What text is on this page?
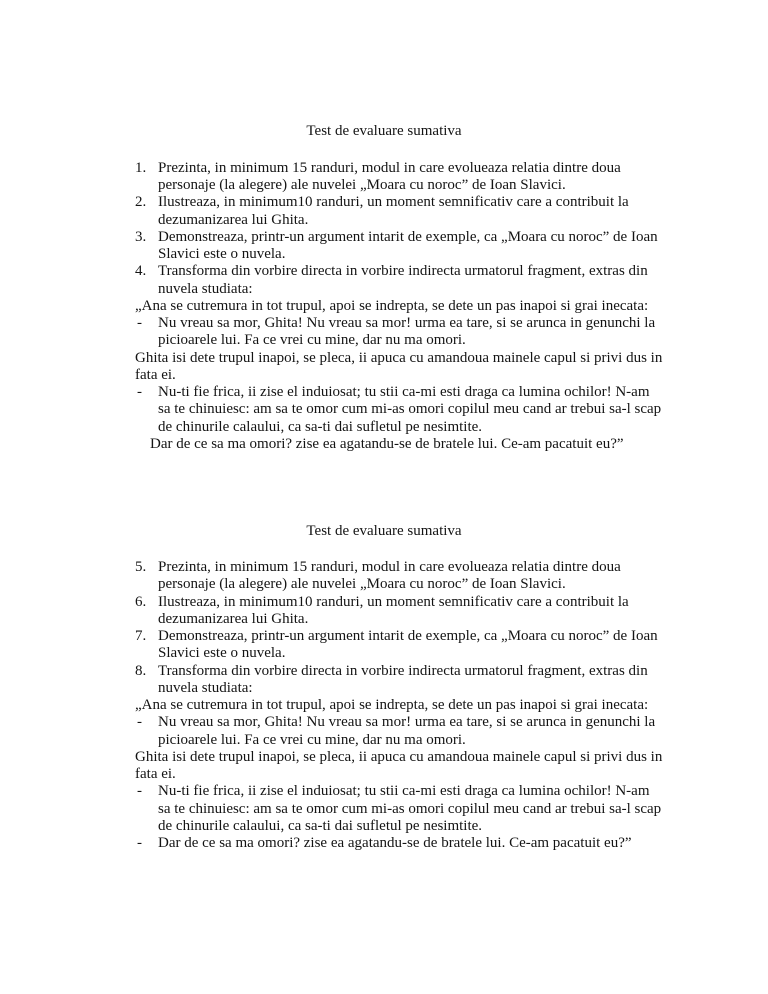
Test de evaluare sumativa
1. Prezinta, in minimum 15 randuri, modul in care evolueaza relatia dintre doua
personaje (la alegere) ale nuvelei „Moara cu noroc” de Ioan Slavici.
2. Ilustreaza, in minimum10 randuri, un moment semnificativ care a contribuit la
dezumanizarea lui Ghita.
3. Demonstreaza, printr-un argument intarit de exemple, ca „Moara cu noroc” de Ioan
Slavici este o nuvela.
4. Transforma din vorbire directa in vorbire indirecta urmatorul fragment, extras din
nuvela studiata:
„Ana se cutremura in tot trupul, apoi se indrepta, se dete un pas inapoi si grai inecata:
- Nu vreau sa mor, Ghita! Nu vreau sa mor! urma ea tare, si se arunca in genunchi la
picioarele lui. Fa ce vrei cu mine, dar nu ma omori.
Ghita isi dete trupul inapoi, se pleca, ii apuca cu amandoua mainele capul si privi dus in
fata ei.
- Nu-ti fie frica, ii zise el induiosat; tu stii ca-mi esti draga ca lumina ochilor! N-am
sa te chinuiesc: am sa te omor cum mi-as omori copilul meu cand ar trebui sa-l scap
de chinurile calaului, ca sa-ti dai sufletul pe nesimtite.
Dar de ce sa ma omori? zise ea agatandu-se de bratele lui. Ce-am pacatuit eu?”
Test de evaluare sumativa
5. Prezinta, in minimum 15 randuri, modul in care evolueaza relatia dintre doua
personaje (la alegere) ale nuvelei „Moara cu noroc” de Ioan Slavici.
6. Ilustreaza, in minimum10 randuri, un moment semnificativ care a contribuit la
dezumanizarea lui Ghita.
7. Demonstreaza, printr-un argument intarit de exemple, ca „Moara cu noroc” de Ioan
Slavici este o nuvela.
8. Transforma din vorbire directa in vorbire indirecta urmatorul fragment, extras din
nuvela studiata:
„Ana se cutremura in tot trupul, apoi se indrepta, se dete un pas inapoi si grai inecata:
- Nu vreau sa mor, Ghita! Nu vreau sa mor! urma ea tare, si se arunca in genunchi la
picioarele lui. Fa ce vrei cu mine, dar nu ma omori.
Ghita isi dete trupul inapoi, se pleca, ii apuca cu amandoua mainele capul si privi dus in
fata ei.
- Nu-ti fie frica, ii zise el induiosat; tu stii ca-mi esti draga ca lumina ochilor! N-am
sa te chinuiesc: am sa te omor cum mi-as omori copilul meu cand ar trebui sa-l scap
de chinurile calaului, ca sa-ti dai sufletul pe nesimtite.
- Dar de ce sa ma omori? zise ea agatandu-se de bratele lui. Ce-am pacatuit eu?”
